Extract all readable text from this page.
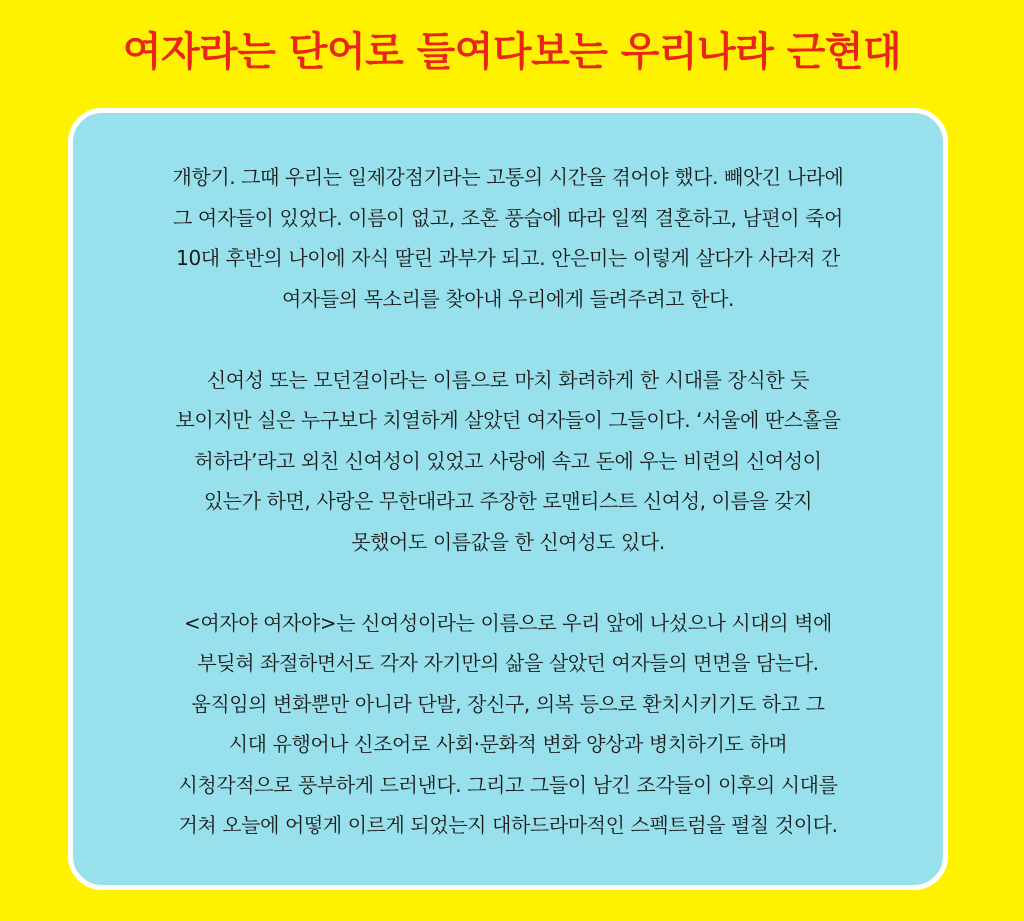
여자라는 단어로 들여다보는 우리나라 근현대

개항기. 그때 우리는 일제강점기라는 고통의 시간을 겪어야 했다. 빼앗긴 나라에
그 여자들이 있었다. 이름이 없고, 조혼 풍습에 따라 일찍 결혼하고, 남편이 죽어
10대 후반의 나이에 자식 딸린 과부가 되고. 안은미는 이렇게 살다가 사라져 간
여자들의 목소리를 찾아내 우리에게 들려주려고 한다.

신여성 또는 모던걸이라는 이름으로 마치 화려하게 한 시대를 장식한 듯
보이지만 실은 누구보다 치열하게 살았던 여자들이 그들이다. ‘서울에 딴스홀을
허하라’라고 외친 신여성이 있었고 사랑에 속고 돈에 우는 비련의 신여성이
있는가 하면, 사랑은 무한대라고 주장한 로맨티스트 신여성, 이름을 갖지
못했어도 이름값을 한 신여성도 있다.

<여자야 여자야>는 신여성이라는 이름으로 우리 앞에 나섰으나 시대의 벽에
부딪혀 좌절하면서도 각자 자기만의 삶을 살았던 여자들의 면면을 담는다.
움직임의 변화뿐만 아니라 단발, 장신구, 의복 등으로 환치시키기도 하고 그
시대 유행어나 신조어로 사회·문화적 변화 양상과 병치하기도 하며
시청각적으로 풍부하게 드러낸다. 그리고 그들이 남긴 조각들이 이후의 시대를
거쳐 오늘에 어떻게 이르게 되었는지 대하드라마적인 스펙트럼을 펼칠 것이다.
